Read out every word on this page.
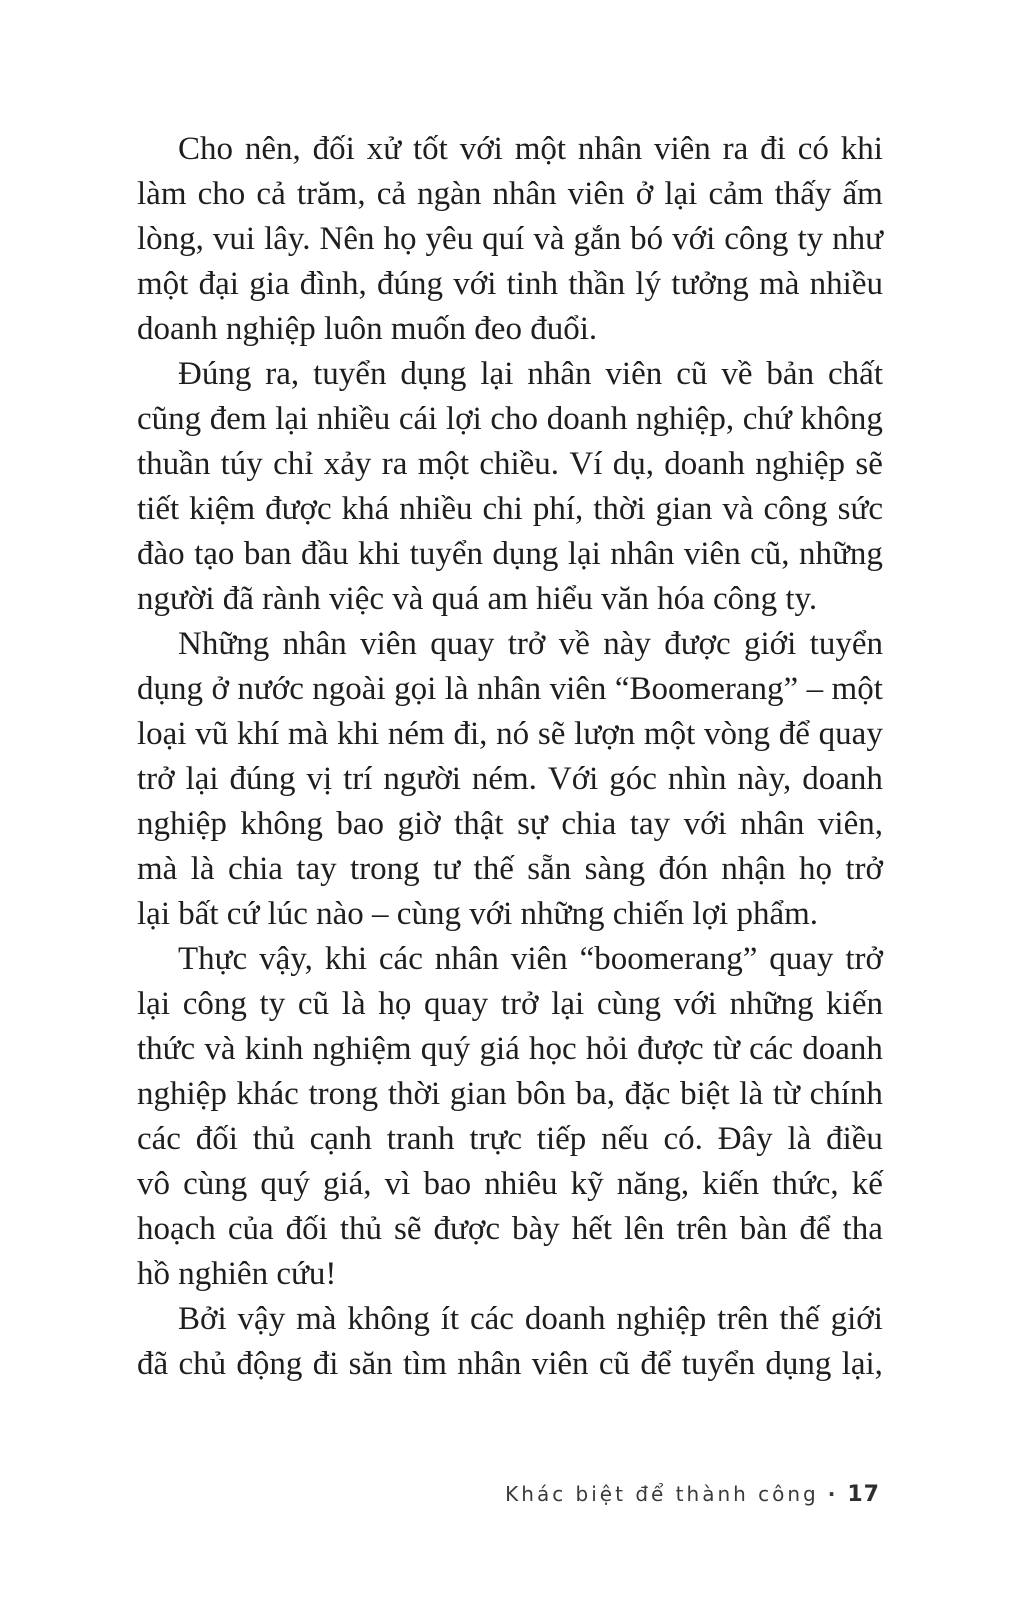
Cho nên, đối xử tốt với một nhân viên ra đi có khi
làm cho cả trăm, cả ngàn nhân viên ở lại cảm thấy ấm
lòng, vui lây. Nên họ yêu quí và gắn bó với công ty như
một đại gia đình, đúng với tinh thần lý tưởng mà nhiều
doanh nghiệp luôn muốn đeo đuổi.
Đúng ra, tuyển dụng lại nhân viên cũ về bản chất
cũng đem lại nhiều cái lợi cho doanh nghiệp, chứ không
thuần túy chỉ xảy ra một chiều. Ví dụ, doanh nghiệp sẽ
tiết kiệm được khá nhiều chi phí, thời gian và công sức
đào tạo ban đầu khi tuyển dụng lại nhân viên cũ, những
người đã rành việc và quá am hiểu văn hóa công ty.
Những nhân viên quay trở về này được giới tuyển
dụng ở nước ngoài gọi là nhân viên “Boomerang” – một
loại vũ khí mà khi ném đi, nó sẽ lượn một vòng để quay
trở lại đúng vị trí người ném. Với góc nhìn này, doanh
nghiệp không bao giờ thật sự chia tay với nhân viên,
mà là chia tay trong tư thế sẵn sàng đón nhận họ trở
lại bất cứ lúc nào – cùng với những chiến lợi phẩm.
Thực vậy, khi các nhân viên “boomerang” quay trở
lại công ty cũ là họ quay trở lại cùng với những kiến
thức và kinh nghiệm quý giá học hỏi được từ các doanh
nghiệp khác trong thời gian bôn ba, đặc biệt là từ chính
các đối thủ cạnh tranh trực tiếp nếu có. Đây là điều
vô cùng quý giá, vì bao nhiêu kỹ năng, kiến thức, kế
hoạch của đối thủ sẽ được bày hết lên trên bàn để tha
hồ nghiên cứu!
Bởi vậy mà không ít các doanh nghiệp trên thế giới
đã chủ động đi săn tìm nhân viên cũ để tuyển dụng lại,
Khác biệt để thành công · 17
